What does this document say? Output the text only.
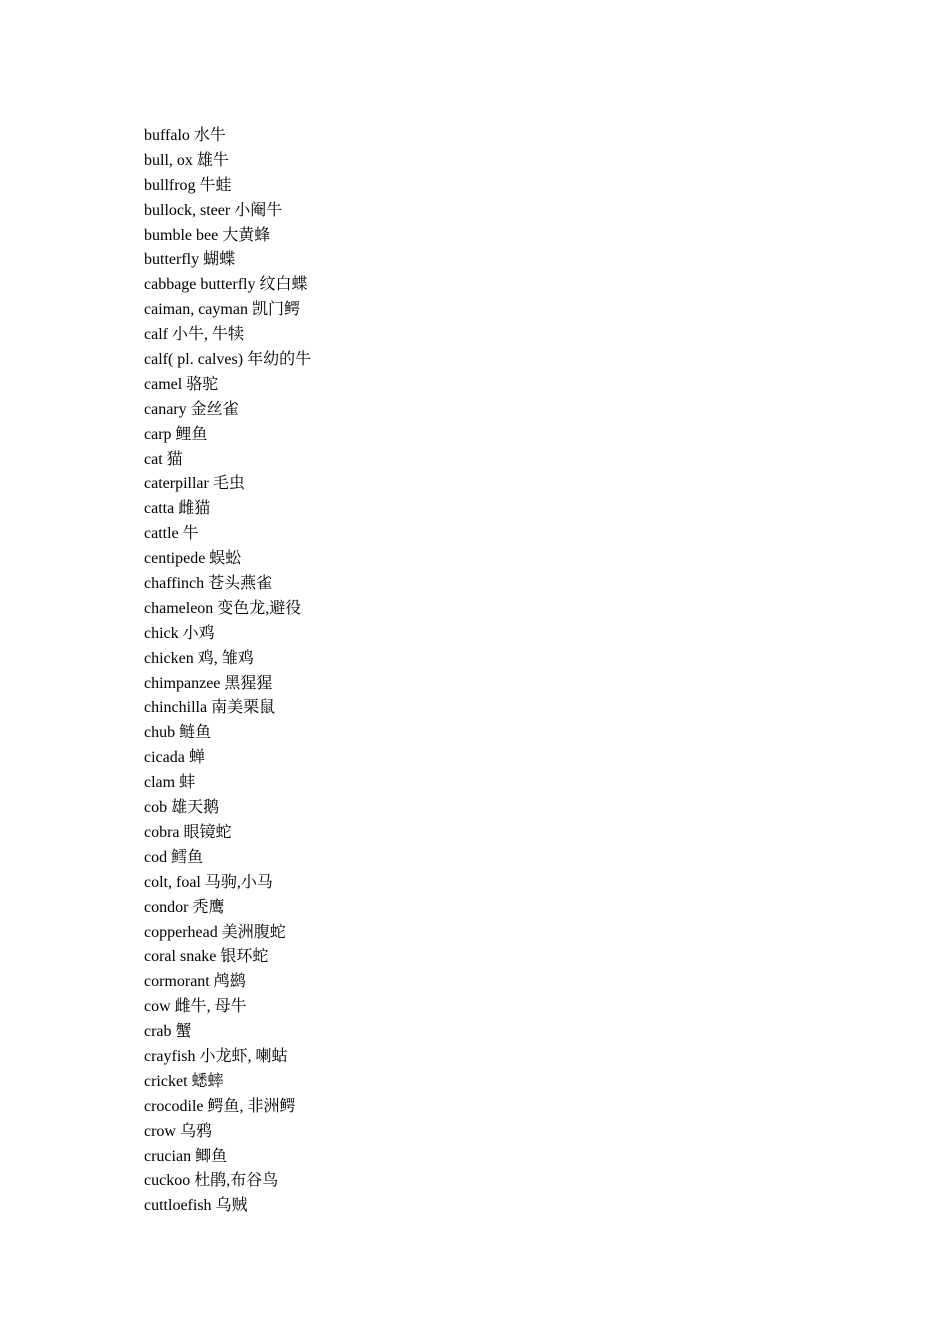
buffalo 水牛
bull, ox 雄牛
bullfrog 牛蛙
bullock, steer 小阉牛
bumble bee 大黄蜂
butterfly 蝴蝶
cabbage butterfly 纹白蝶
caiman, cayman 凯门鳄
calf 小牛, 牛犊
calf( pl. calves) 年幼的牛
camel 骆驼
canary 金丝雀
carp 鲤鱼
cat 猫
caterpillar 毛虫
catta 雌猫
cattle 牛
centipede 蜈蚣
chaffinch 苍头燕雀
chameleon 变色龙,避役
chick 小鸡
chicken 鸡, 雏鸡
chimpanzee 黑猩猩
chinchilla 南美栗鼠
chub 鲢鱼
cicada 蝉
clam 蚌
cob 雄天鹅
cobra 眼镜蛇
cod 鳕鱼
colt, foal 马驹,小马
condor 秃鹰
copperhead 美洲腹蛇
coral snake 银环蛇
cormorant 鸬鹚
cow 雌牛, 母牛
crab 蟹
crayfish 小龙虾, 喇蛄
cricket 蟋蟀
crocodile 鳄鱼, 非洲鳄
crow 乌鸦
crucian 鲫鱼
cuckoo 杜鹃,布谷鸟
cuttloefish 乌贼
